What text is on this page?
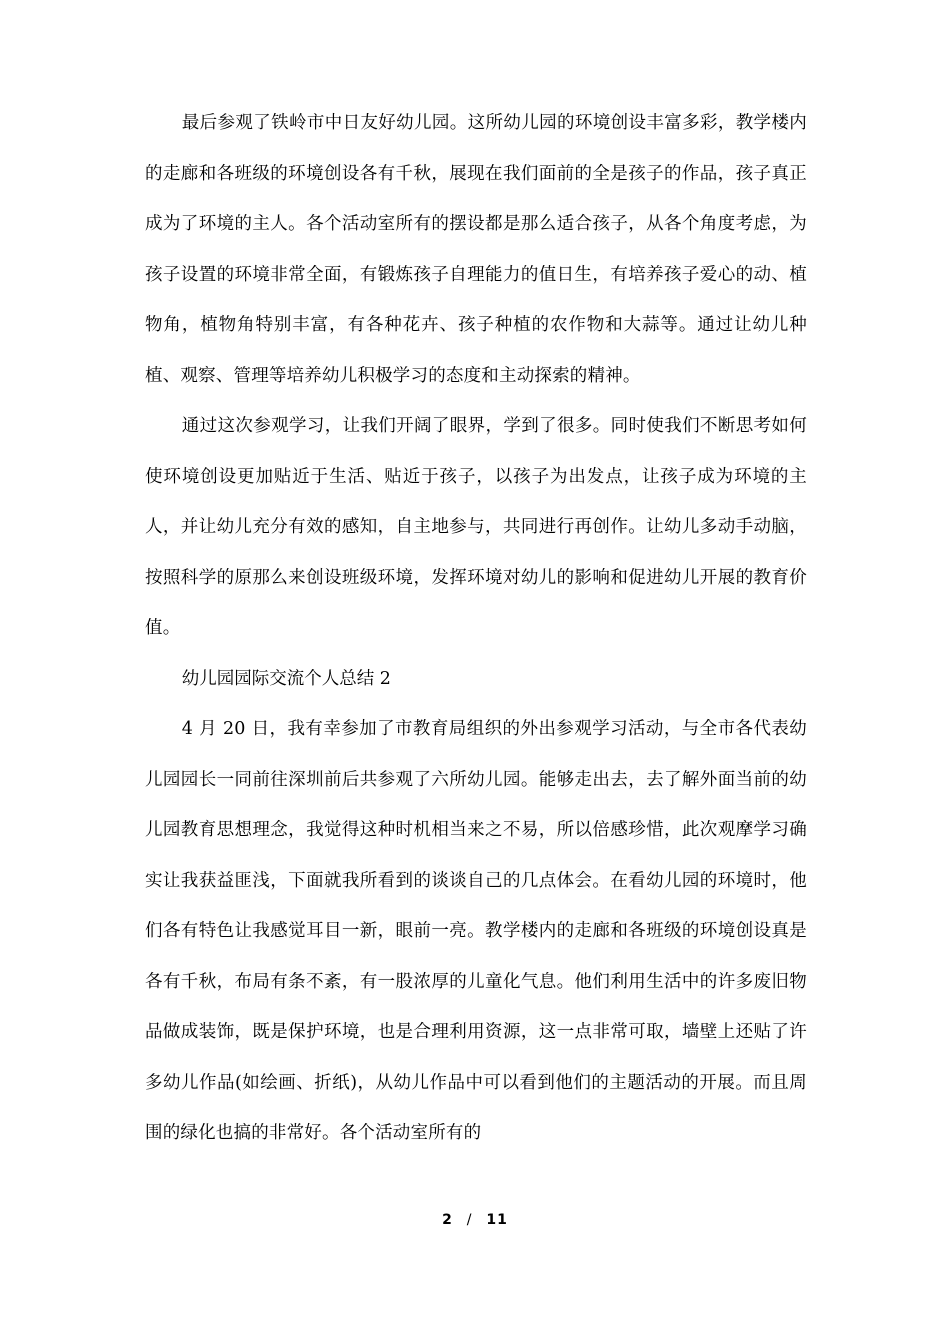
最后参观了铁岭市中日友好幼儿园。这所幼儿园的环境创设丰富多彩，教学楼内的走廊和各班级的环境创设各有千秋，展现在我们面前的全是孩子的作品，孩子真正成为了环境的主人。各个活动室所有的摆设都是那么适合孩子，从各个角度考虑，为孩子设置的环境非常全面，有锻炼孩子自理能力的值日生，有培养孩子爱心的动、植物角，植物角特别丰富，有各种花卉、孩子种植的农作物和大蒜等。通过让幼儿种植、观察、管理等培养幼儿积极学习的态度和主动探索的精神。

通过这次参观学习，让我们开阔了眼界，学到了很多。同时使我们不断思考如何使环境创设更加贴近于生活、贴近于孩子，以孩子为出发点，让孩子成为环境的主人，并让幼儿充分有效的感知，自主地参与，共同进行再创作。让幼儿多动手动脑，按照科学的原那么来创设班级环境，发挥环境对幼儿的影响和促进幼儿开展的教育价值。

幼儿园园际交流个人总结 2

4 月 20 日，我有幸参加了市教育局组织的外出参观学习活动，与全市各代表幼儿园园长一同前往深圳前后共参观了六所幼儿园。能够走出去，去了解外面当前的幼儿园教育思想理念，我觉得这种时机相当来之不易，所以倍感珍惜，此次观摩学习确实让我获益匪浅，下面就我所看到的谈谈自己的几点体会。在看幼儿园的环境时，他们各有特色让我感觉耳目一新，眼前一亮。教学楼内的走廊和各班级的环境创设真是各有千秋，布局有条不紊，有一股浓厚的儿童化气息。他们利用生活中的许多废旧物品做成装饰，既是保护环境，也是合理利用资源，这一点非常可取，墙壁上还贴了许多幼儿作品(如绘画、折纸)，从幼儿作品中可以看到他们的主题活动的开展。而且周围的绿化也搞的非常好。各个活动室所有的

2 / 11
